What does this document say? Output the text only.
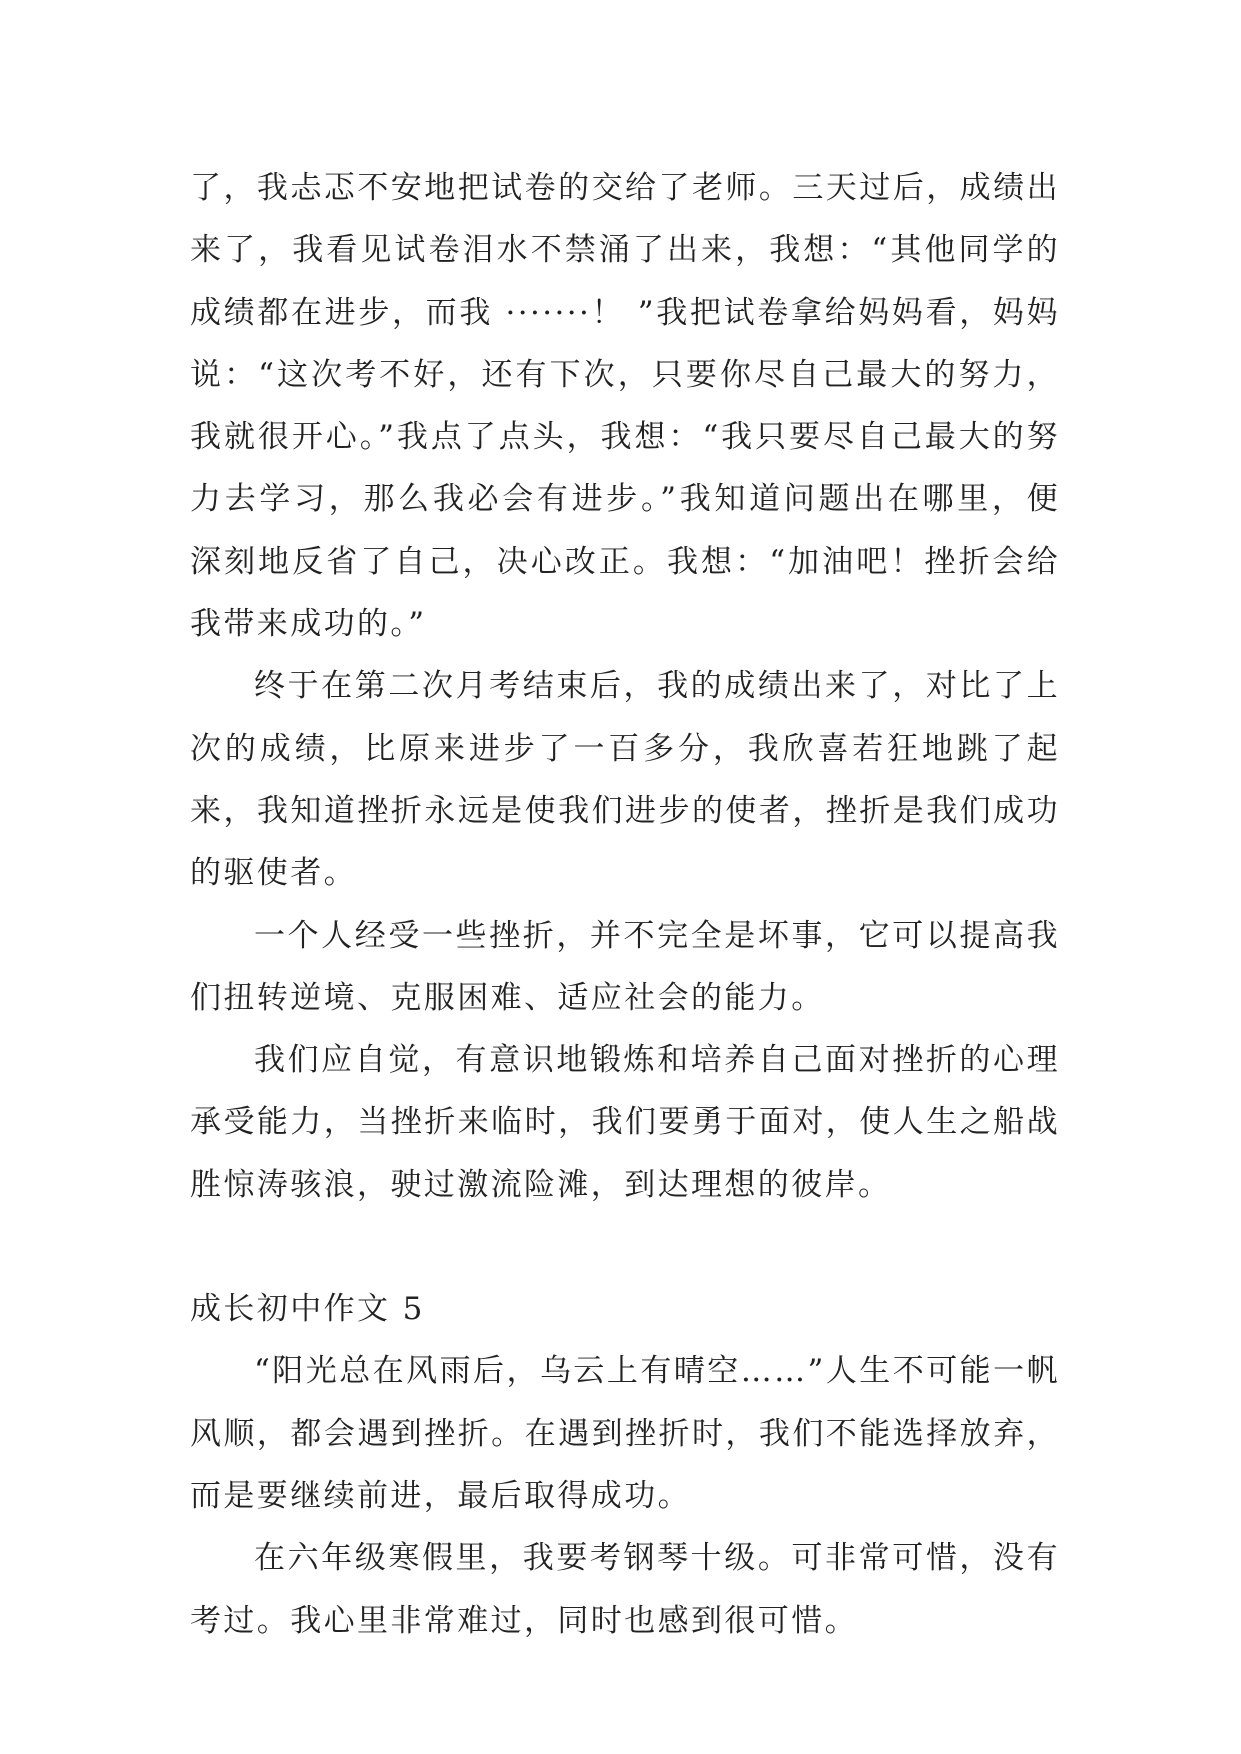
了，我忐忑不安地把试卷的交给了老师。三天过后，成绩出来了，我看见试卷泪水不禁涌了出来，我想：“其他同学的成绩都在进步，而我 ·······！ ”我把试卷拿给妈妈看，妈妈说：“这次考不好，还有下次，只要你尽自己最大的努力，我就很开心。”我点了点头，我想：“我只要尽自己最大的努力去学习，那么我必会有进步。”我知道问题出在哪里，便深刻地反省了自己，决心改正。我想：“加油吧！挫折会给我带来成功的。”

终于在第二次月考结束后，我的成绩出来了，对比了上次的成绩，比原来进步了一百多分，我欣喜若狂地跳了起来，我知道挫折永远是使我们进步的使者，挫折是我们成功的驱使者。

一个人经受一些挫折，并不完全是坏事，它可以提高我们扭转逆境、克服困难、适应社会的能力。

我们应自觉，有意识地锻炼和培养自己面对挫折的心理承受能力，当挫折来临时，我们要勇于面对，使人生之船战胜惊涛骇浪，驶过激流险滩，到达理想的彼岸。

成长初中作文 5

“阳光总在风雨后，乌云上有晴空……”人生不可能一帆风顺，都会遇到挫折。在遇到挫折时，我们不能选择放弃，而是要继续前进，最后取得成功。

在六年级寒假里，我要考钢琴十级。可非常可惜，没有考过。我心里非常难过，同时也感到很可惜。
